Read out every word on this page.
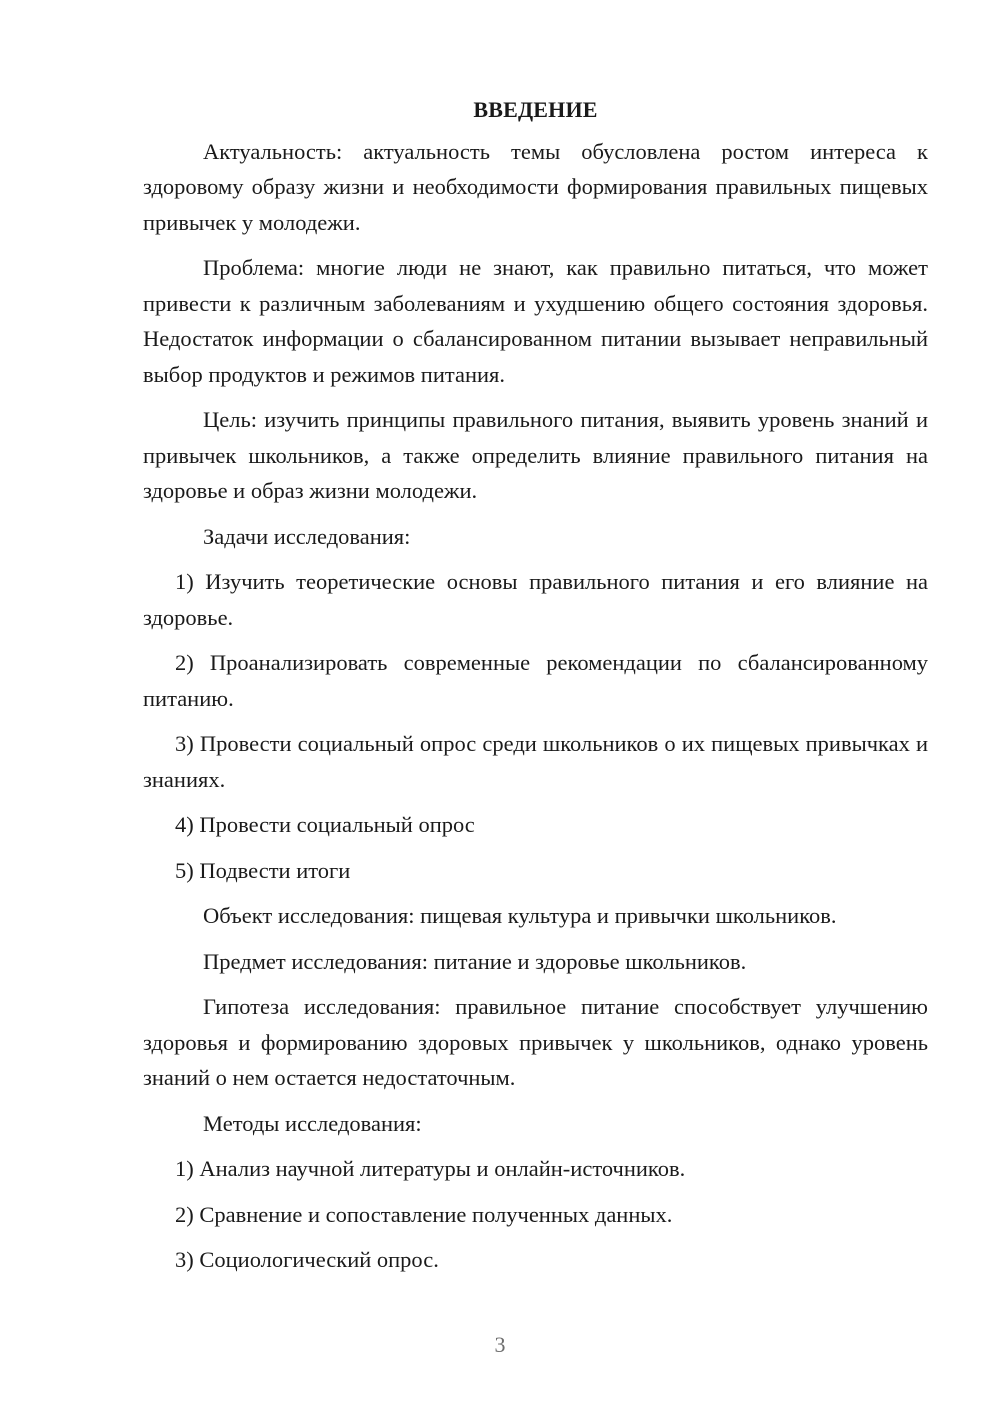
ВВЕДЕНИЕ

Актуальность: актуальность темы обусловлена ростом интереса к здоровому образу жизни и необходимости формирования правильных пищевых привычек у молодежи.

Проблема: многие люди не знают, как правильно питаться, что может привести к различным заболеваниям и ухудшению общего состояния здоровья. Недостаток информации о сбалансированном питании вызывает неправильный выбор продуктов и режимов питания.

Цель: изучить принципы правильного питания, выявить уровень знаний и привычек школьников, а также определить влияние правильного питания на здоровье и образ жизни молодежи.

Задачи исследования:

1) Изучить теоретические основы правильного питания и его влияние на здоровье.

2) Проанализировать современные рекомендации по сбалансированному питанию.

3) Провести социальный опрос среди школьников о их пищевых привычках и знаниях.

4) Провести социальный опрос

5) Подвести итоги

Объект исследования: пищевая культура и привычки школьников.

Предмет исследования: питание и здоровье школьников.

Гипотеза исследования: правильное питание способствует улучшению здоровья и формированию здоровых привычек у школьников, однако уровень знаний о нем остается недостаточным.

Методы исследования:

1) Анализ научной литературы и онлайн-источников.

2) Сравнение и сопоставление полученных данных.

3) Социологический опрос.

3
